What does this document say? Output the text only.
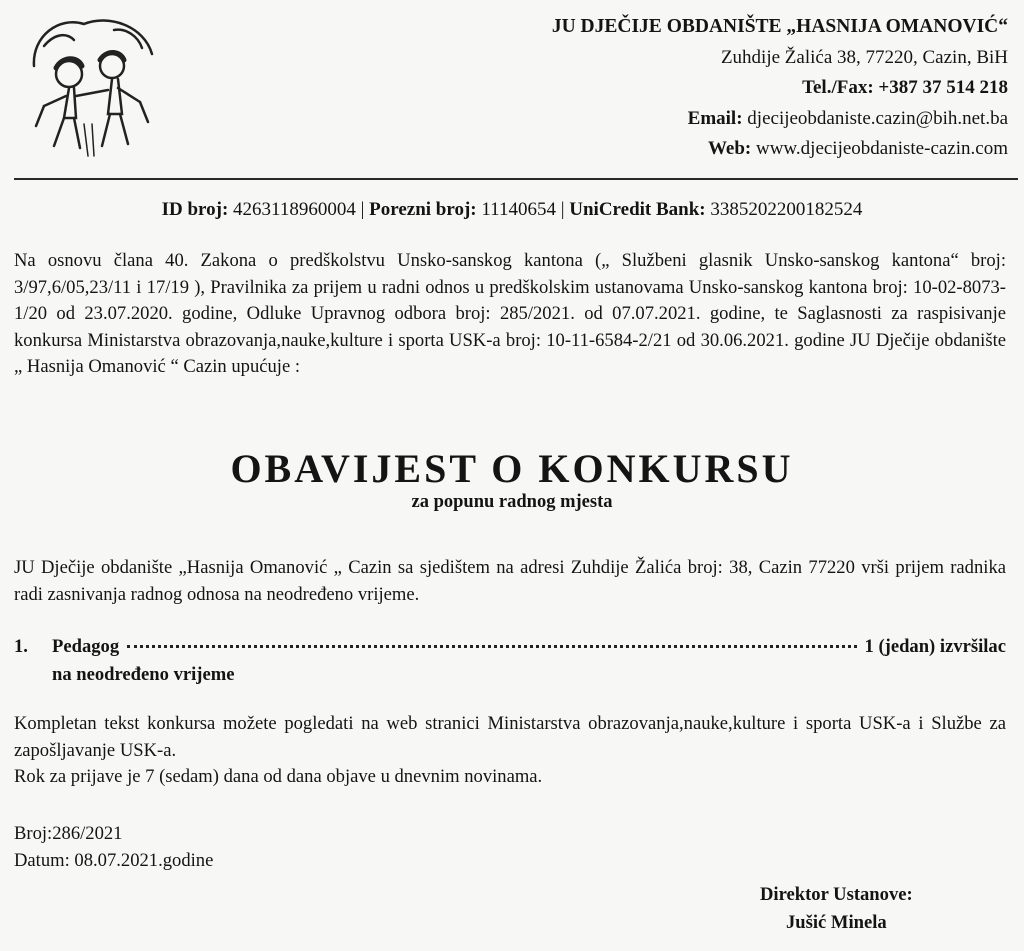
JU DJEČIJE OBDANIŠTE „HASNIJA OMANOVIĆ“
Zuhdije Žalića 38, 77220, Cazin, BiH
Tel./Fax: +387 37 514 218
Email: djecijeobdaniste.cazin@bih.net.ba
Web: www.djecijeobdaniste-cazin.com
ID broj: 4263118960004 | Porezni broj: 11140654 | UniCredit Bank: 3385202200182524
Na osnovu člana 40. Zakona o predškolstvu Unsko-sanskog kantona („ Službeni glasnik Unsko-sanskog kantona“ broj: 3/97,6/05,23/11 i 17/19 ), Pravilnika za prijem u radni odnos u predškolskim ustanovama Unsko-sanskog kantona broj: 10-02-8073-1/20 od 23.07.2020. godine, Odluke Upravnog odbora broj: 285/2021. od 07.07.2021. godine, te Saglasnosti za raspisivanje konkursa Ministarstva obrazovanja,nauke,kulture i sporta USK-a broj: 10-11-6584-2/21 od 30.06.2021. godine JU Dječije obdanište „ Hasnija Omanović “ Cazin upućuje :
OBAVIJEST O KONKURSU
za popunu radnog mjesta
JU Dječije obdanište „Hasnija Omanović „ Cazin sa sjedištem na adresi Zuhdije Žalića broj: 38, Cazin 77220 vrši prijem radnika radi zasnivanja radnog odnosa na neodređeno vrijeme.
1.	Pedagog	1 (jedan) izvršilac
na neodređeno vrijeme
Kompletan tekst konkursa možete pogledati na web stranici Ministarstva obrazovanja,nauke,kulture i sporta USK-a i Službe za zapošljavanje USK-a.
Rok za prijave je 7 (sedam) dana od dana objave u dnevnim novinama.
Broj:286/2021
Datum: 08.07.2021.godine
Direktor Ustanove:
Jušić Minela
